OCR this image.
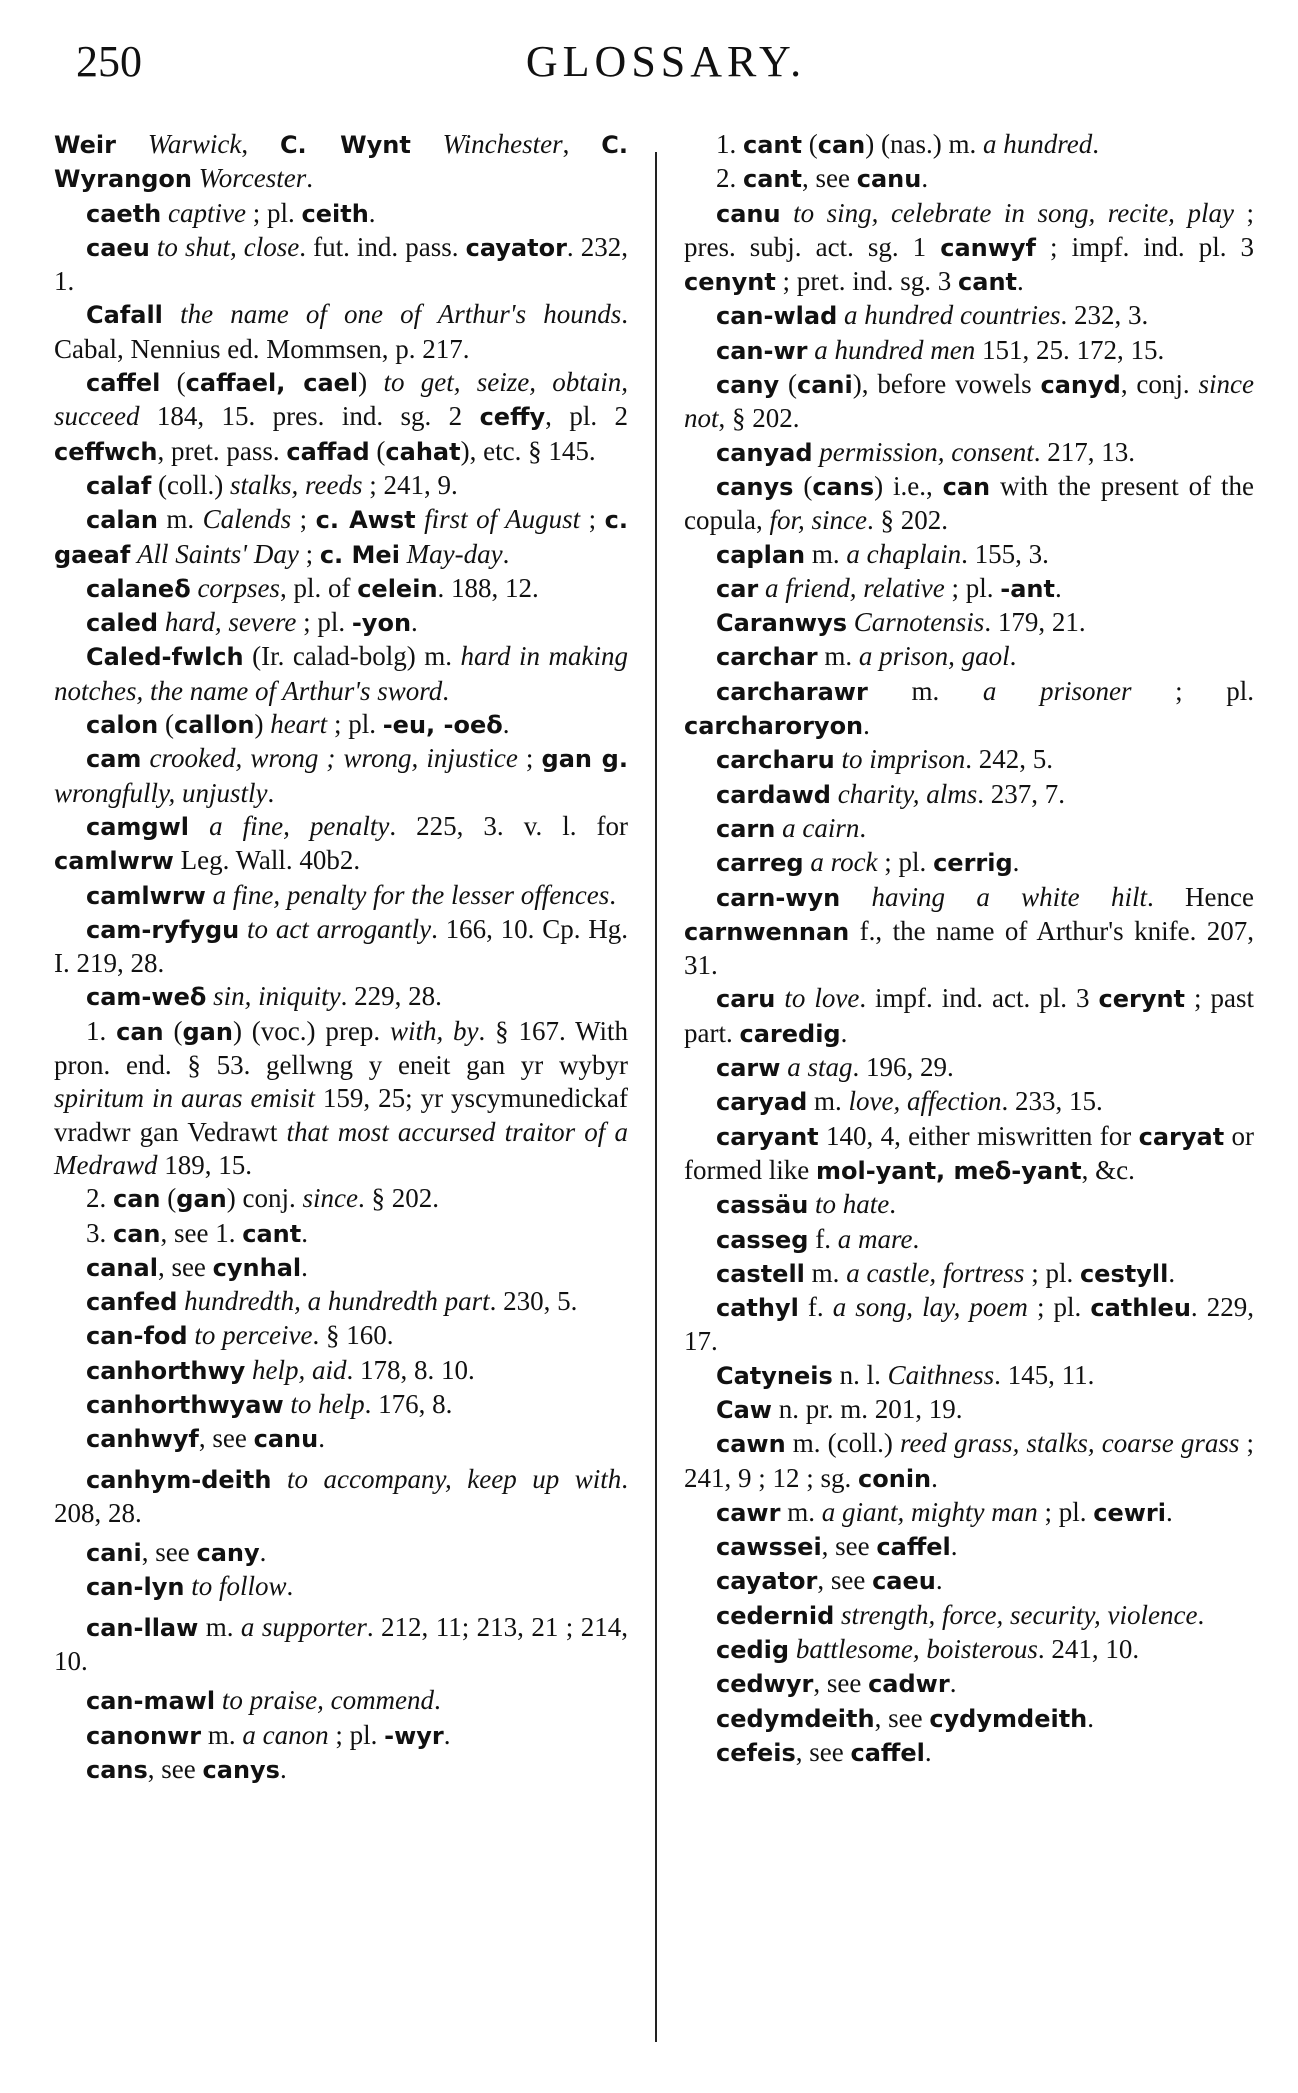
250	GLOSSARY.

Weir Warwick, C. Wynt Winchester, C. Wyrangon Worcester.

caeth captive ; pl. ceith.

caeu to shut, close. fut. ind. pass. cayator. 232, 1.

Cafall the name of one of Arthur's hounds. Cabal, Nennius ed. Mommsen, p. 217.

caffel (caffael, cael) to get, seize, obtain, succeed 184, 15. pres. ind. sg. 2 ceffy, pl. 2 ceffwch, pret. pass. caffad (cahat), etc. § 145.

calaf (coll.) stalks, reeds ; 241, 9.

calan m. Calends ; c. Awst first of August ; c. gaeaf All Saints' Day ; c. Mei May-day.

calaneδ corpses, pl. of celein. 188, 12.

caled hard, severe ; pl. -yon.

Caled-fwlch (Ir. calad-bolg) m. hard in making notches, the name of Arthur's sword.

calon (callon) heart ; pl. -eu, -oeδ.

cam crooked, wrong ; wrong, injustice ; gan g. wrongfully, unjustly.

camgwl a fine, penalty. 225, 3. v. l. for camlwrw Leg. Wall. 40b2.

camlwrw a fine, penalty for the lesser offences.

cam-ryfygu to act arrogantly. 166, 10. Cp. Hg. I. 219, 28.

cam-weδ sin, iniquity. 229, 28.

1. can (gan) (voc.) prep. with, by. § 167. With pron. end. § 53. gellwng y eneit gan yr wybyr spiritum in auras emisit 159, 25; yr yscymunedickaf vradwr gan Vedrawt that most accursed traitor of a Medrawd 189, 15.

2. can (gan) conj. since. § 202.

3. can, see 1. cant.

canal, see cynhal.

canfed hundredth, a hundredth part. 230, 5.

can-fod to perceive. § 160.

canhorthwy help, aid. 178, 8. 10.

canhorthwyaw to help. 176, 8.

canhwyf, see canu.

canhym-deith to accompany, keep up with. 208, 28.

cani, see cany.

can-lyn to follow.

can-llaw m. a supporter. 212, 11; 213, 21 ; 214, 10.

can-mawl to praise, commend.

canonwr m. a canon ; pl. -wyr.

cans, see canys.

1. cant (can) (nas.) m. a hundred.

2. cant, see canu.

canu to sing, celebrate in song, recite, play ; pres. subj. act. sg. 1 canwyf ; impf. ind. pl. 3 cenynt ; pret. ind. sg. 3 cant.

can-wlad a hundred countries. 232, 3.

can-wr a hundred men 151, 25. 172, 15.

cany (cani), before vowels canyd, conj. since not, § 202.

canyad permission, consent. 217, 13.

canys (cans) i.e., can with the present of the copula, for, since. § 202.

caplan m. a chaplain. 155, 3.

car a friend, relative ; pl. -ant.

Caranwys Carnotensis. 179, 21.

carchar m. a prison, gaol.

carcharawr m. a prisoner ; pl. carcharoryon.

carcharu to imprison. 242, 5.

cardawd charity, alms. 237, 7.

carn a cairn.

carreg a rock ; pl. cerrig.

carn-wyn having a white hilt. Hence carnwennan f., the name of Arthur's knife. 207, 31.

caru to love. impf. ind. act. pl. 3 cerynt ; past part. caredig.

carw a stag. 196, 29.

caryad m. love, affection. 233, 15.

caryant 140, 4, either miswritten for caryat or formed like mol-yant, meδ-yant, &c.

cassäu to hate.

casseg f. a mare.

castell m. a castle, fortress ; pl. cestyll.

cathyl f. a song, lay, poem ; pl. cathleu. 229, 17.

Catyneis n. l. Caithness. 145, 11.

Caw n. pr. m. 201, 19.

cawn m. (coll.) reed grass, stalks, coarse grass ; 241, 9 ; 12 ; sg. conin.

cawr m. a giant, mighty man ; pl. cewri.

cawssei, see caffel.

cayator, see caeu.

cedernid strength, force, security, violence.

cedig battlesome, boisterous. 241, 10.

cedwyr, see cadwr.

cedymdeith, see cydymdeith.

cefeis, see caffel.
